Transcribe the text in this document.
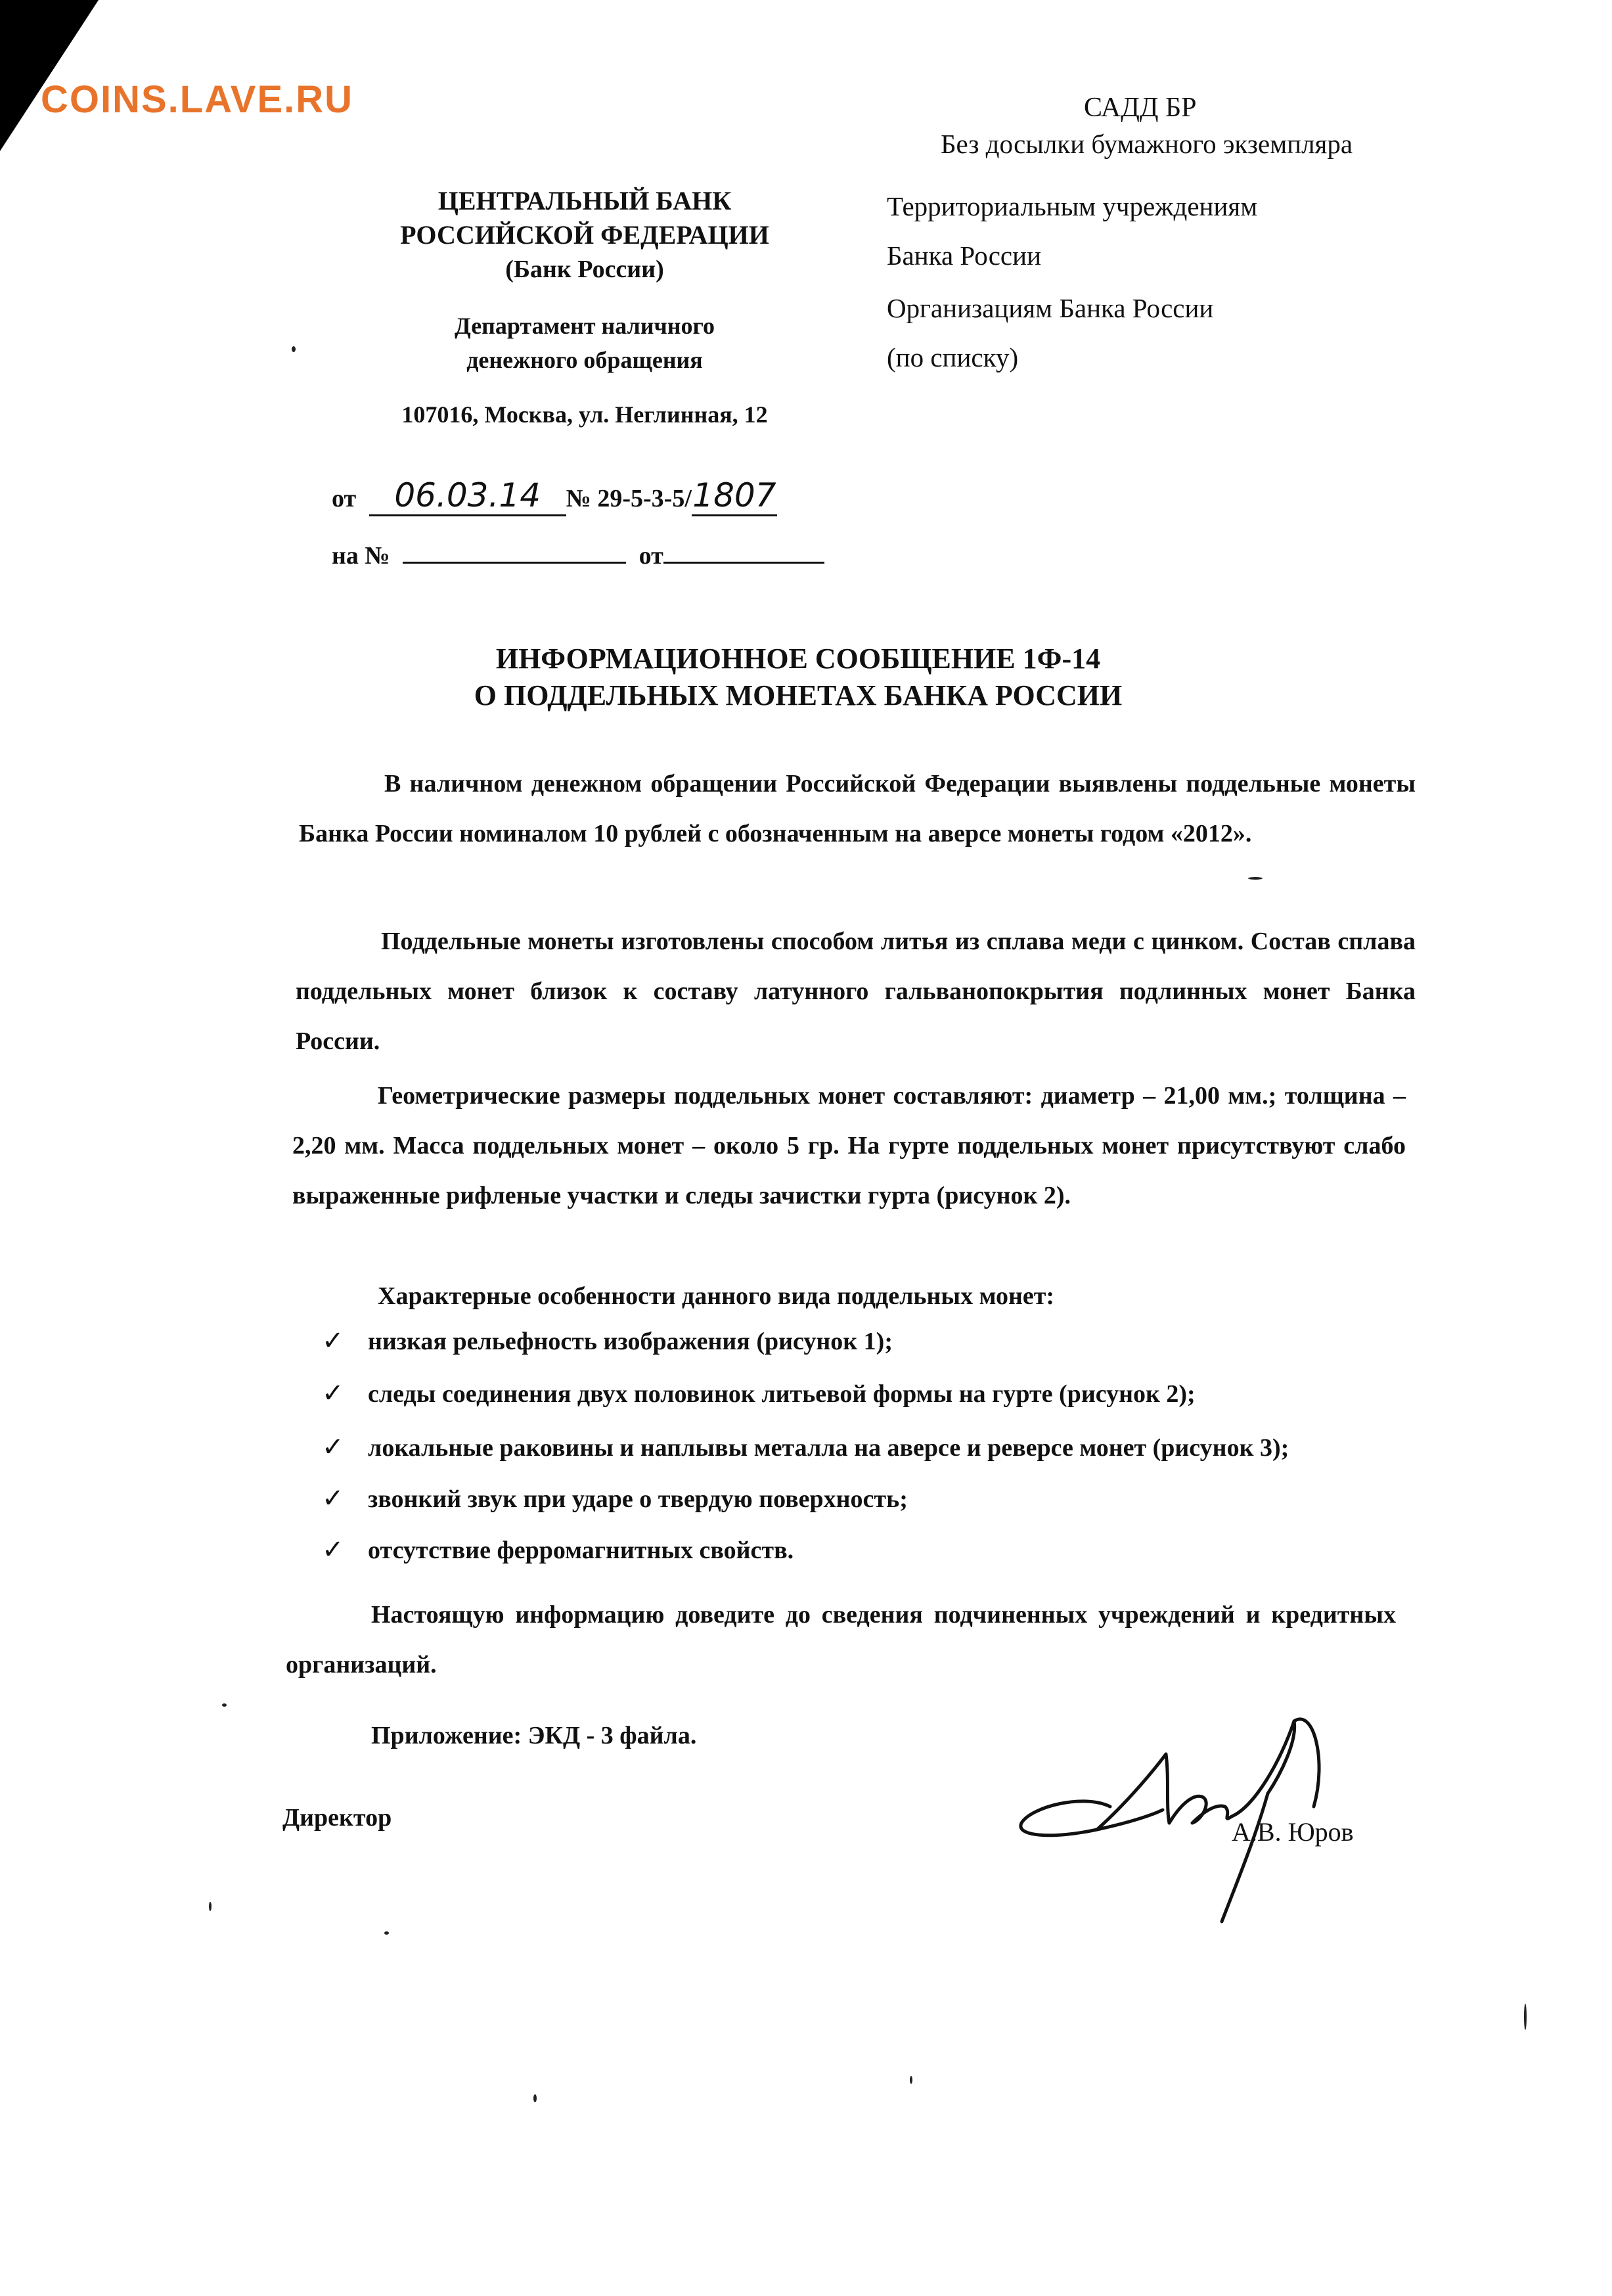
COINS.LAVE.RU	САДД БР
Без досылки бумажного экземпляра
Территориальным учреждениям
Банка России
Организациям Банка России
(по списку)
ЦЕНТРАЛЬНЫЙ БАНК
РОССИЙСКОЙ ФЕДЕРАЦИИ
(Банк России)
Департамент наличного
денежного обращения
107016, Москва, ул. Неглинная, 12
от 06.03.14 № 29-5-3-5/1807
на №	от
ИНФОРМАЦИОННОЕ СООБЩЕНИЕ 1Ф-14
О ПОДДЕЛЬНЫХ МОНЕТАХ БАНКА РОССИИ

В наличном денежном обращении Российской Федерации выявлены поддельные монеты Банка России номиналом 10 рублей с обозначенным на аверсе монеты годом «2012».

Поддельные монеты изготовлены способом литья из сплава меди с цинком. Состав сплава поддельных монет близок к составу латунного гальванопокрытия подлинных монет Банка России.

Геометрические размеры поддельных монет составляют: диаметр – 21,00 мм.; толщина – 2,20 мм. Масса поддельных монет – около 5 гр. На гурте поддельных монет присутствуют слабо выраженные рифленые участки и следы зачистки гурта (рисунок 2).

Характерные особенности данного вида поддельных монет:
✓ низкая рельефность изображения (рисунок 1);
✓ следы соединения двух половинок литьевой формы на гурте (рисунок 2);
✓ локальные раковины и наплывы металла на аверсе и реверсе монет (рисунок 3);
✓ звонкий звук при ударе о твердую поверхность;
✓ отсутствие ферромагнитных свойств.

Настоящую информацию доведите до сведения подчиненных учреждений и кредитных организаций.

Приложение: ЭКД - 3 файла.
Директор	А.В. Юров
